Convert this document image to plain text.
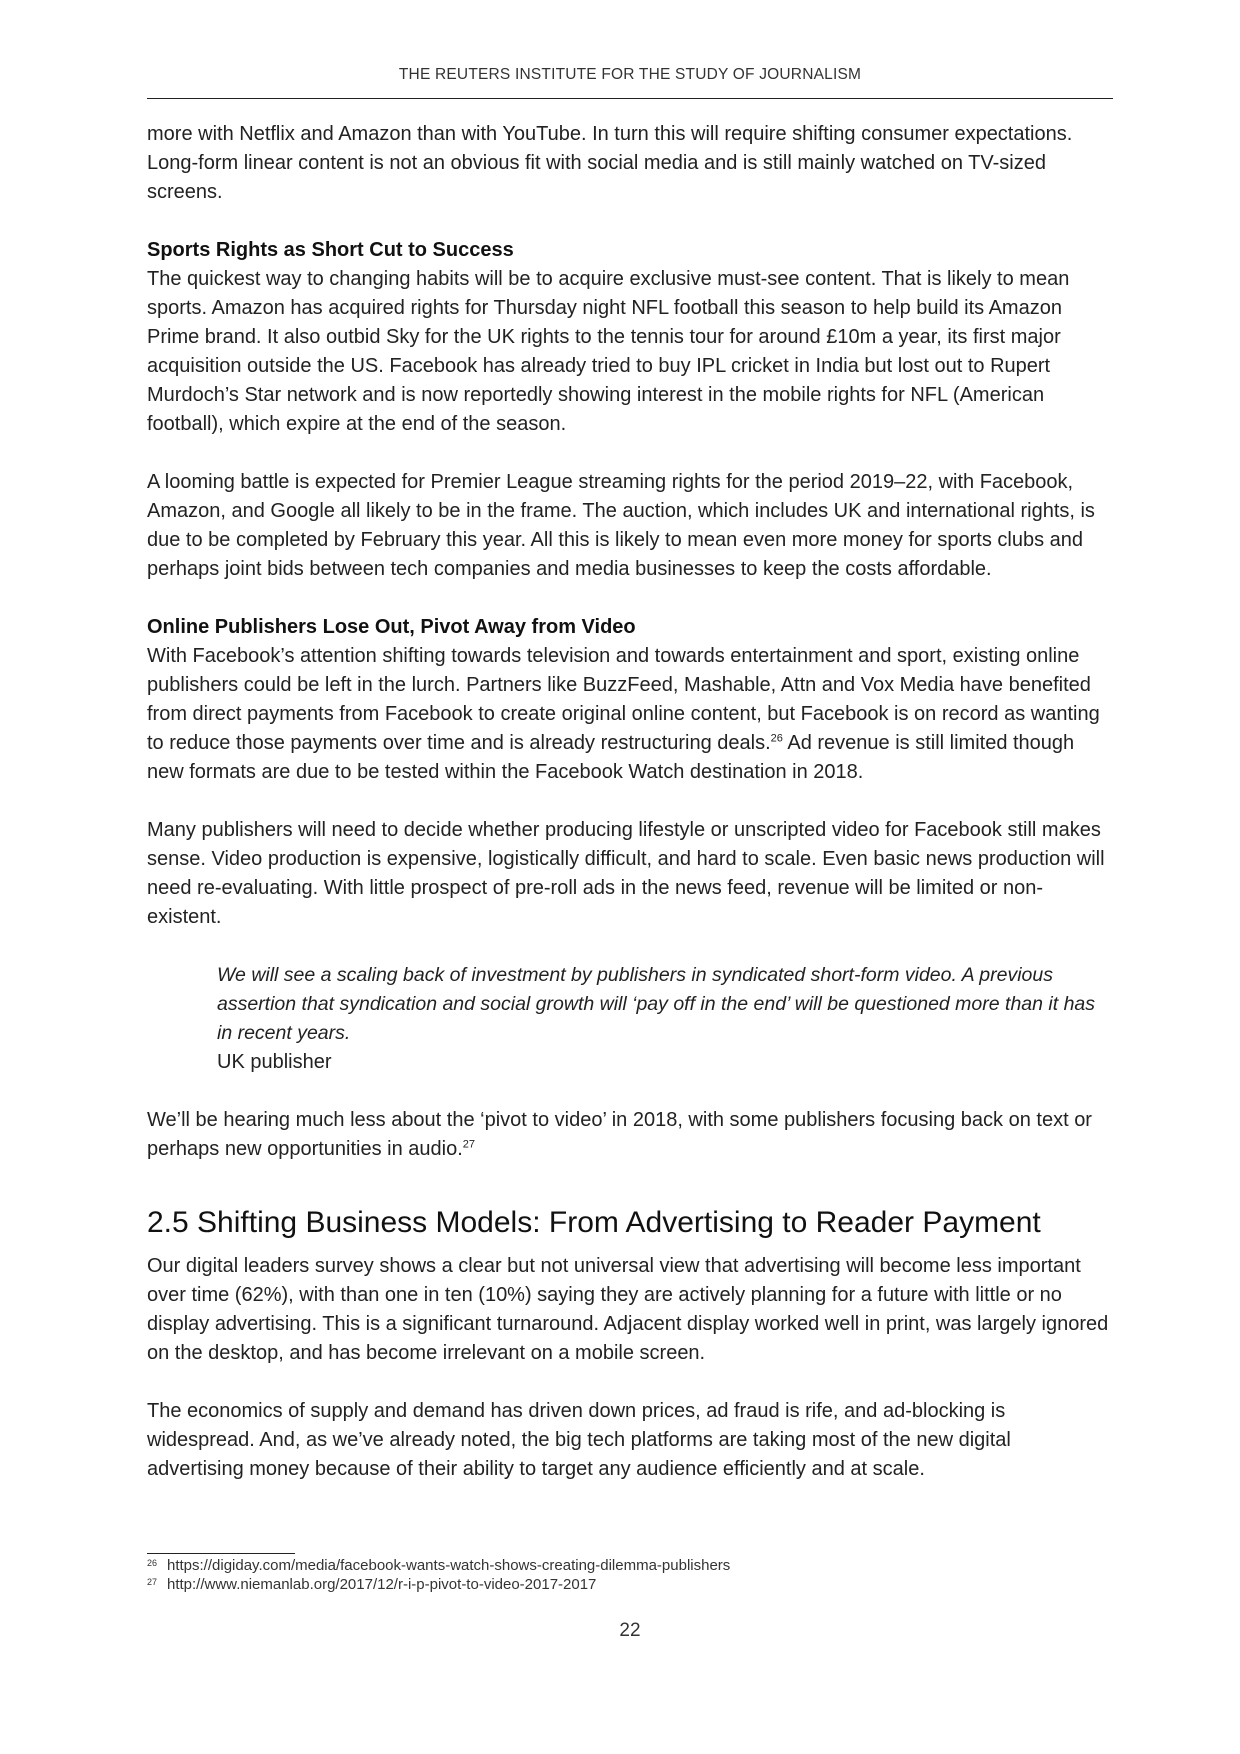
THE REUTERS INSTITUTE FOR THE STUDY OF JOURNALISM

more with Netflix and Amazon than with YouTube. In turn this will require shifting consumer expectations. Long-form linear content is not an obvious fit with social media and is still mainly watched on TV-sized screens.

Sports Rights as Short Cut to Success

The quickest way to changing habits will be to acquire exclusive must-see content. That is likely to mean sports. Amazon has acquired rights for Thursday night NFL football this season to help build its Amazon Prime brand. It also outbid Sky for the UK rights to the tennis tour for around £10m a year, its first major acquisition outside the US. Facebook has already tried to buy IPL cricket in India but lost out to Rupert Murdoch’s Star network and is now reportedly showing interest in the mobile rights for NFL (American football), which expire at the end of the season.

A looming battle is expected for Premier League streaming rights for the period 2019–22, with Facebook, Amazon, and Google all likely to be in the frame. The auction, which includes UK and international rights, is due to be completed by February this year. All this is likely to mean even more money for sports clubs and perhaps joint bids between tech companies and media businesses to keep the costs affordable.

Online Publishers Lose Out, Pivot Away from Video

With Facebook’s attention shifting towards television and towards entertainment and sport, existing online publishers could be left in the lurch. Partners like BuzzFeed, Mashable, Attn and Vox Media have benefited from direct payments from Facebook to create original online content, but Facebook is on record as wanting to reduce those payments over time and is already restructuring deals.$^{26}$ Ad revenue is still limited though new formats are due to be tested within the Facebook Watch destination in 2018.

Many publishers will need to decide whether producing lifestyle or unscripted video for Facebook still makes sense. Video production is expensive, logistically difficult, and hard to scale. Even basic news production will need re-evaluating. With little prospect of pre-roll ads in the news feed, revenue will be limited or non-existent.

We will see a scaling back of investment by publishers in syndicated short-form video. A previous assertion that syndication and social growth will ‘pay off in the end’ will be questioned more than it has in recent years.
UK publisher

We’ll be hearing much less about the ‘pivot to video’ in 2018, with some publishers focusing back on text or perhaps new opportunities in audio.$^{27}$

2.5 Shifting Business Models: From Advertising to Reader Payment

Our digital leaders survey shows a clear but not universal view that advertising will become less important over time (62%), with than one in ten (10%) saying they are actively planning for a future with little or no display advertising. This is a significant turnaround. Adjacent display worked well in print, was largely ignored on the desktop, and has become irrelevant on a mobile screen.

The economics of supply and demand has driven down prices, ad fraud is rife, and ad-blocking is widespread. And, as we’ve already noted, the big tech platforms are taking most of the new digital advertising money because of their ability to target any audience efficiently and at scale.

26 https://digiday.com/media/facebook-wants-watch-shows-creating-dilemma-publishers
27 http://www.niemanlab.org/2017/12/r-i-p-pivot-to-video-2017-2017
22
